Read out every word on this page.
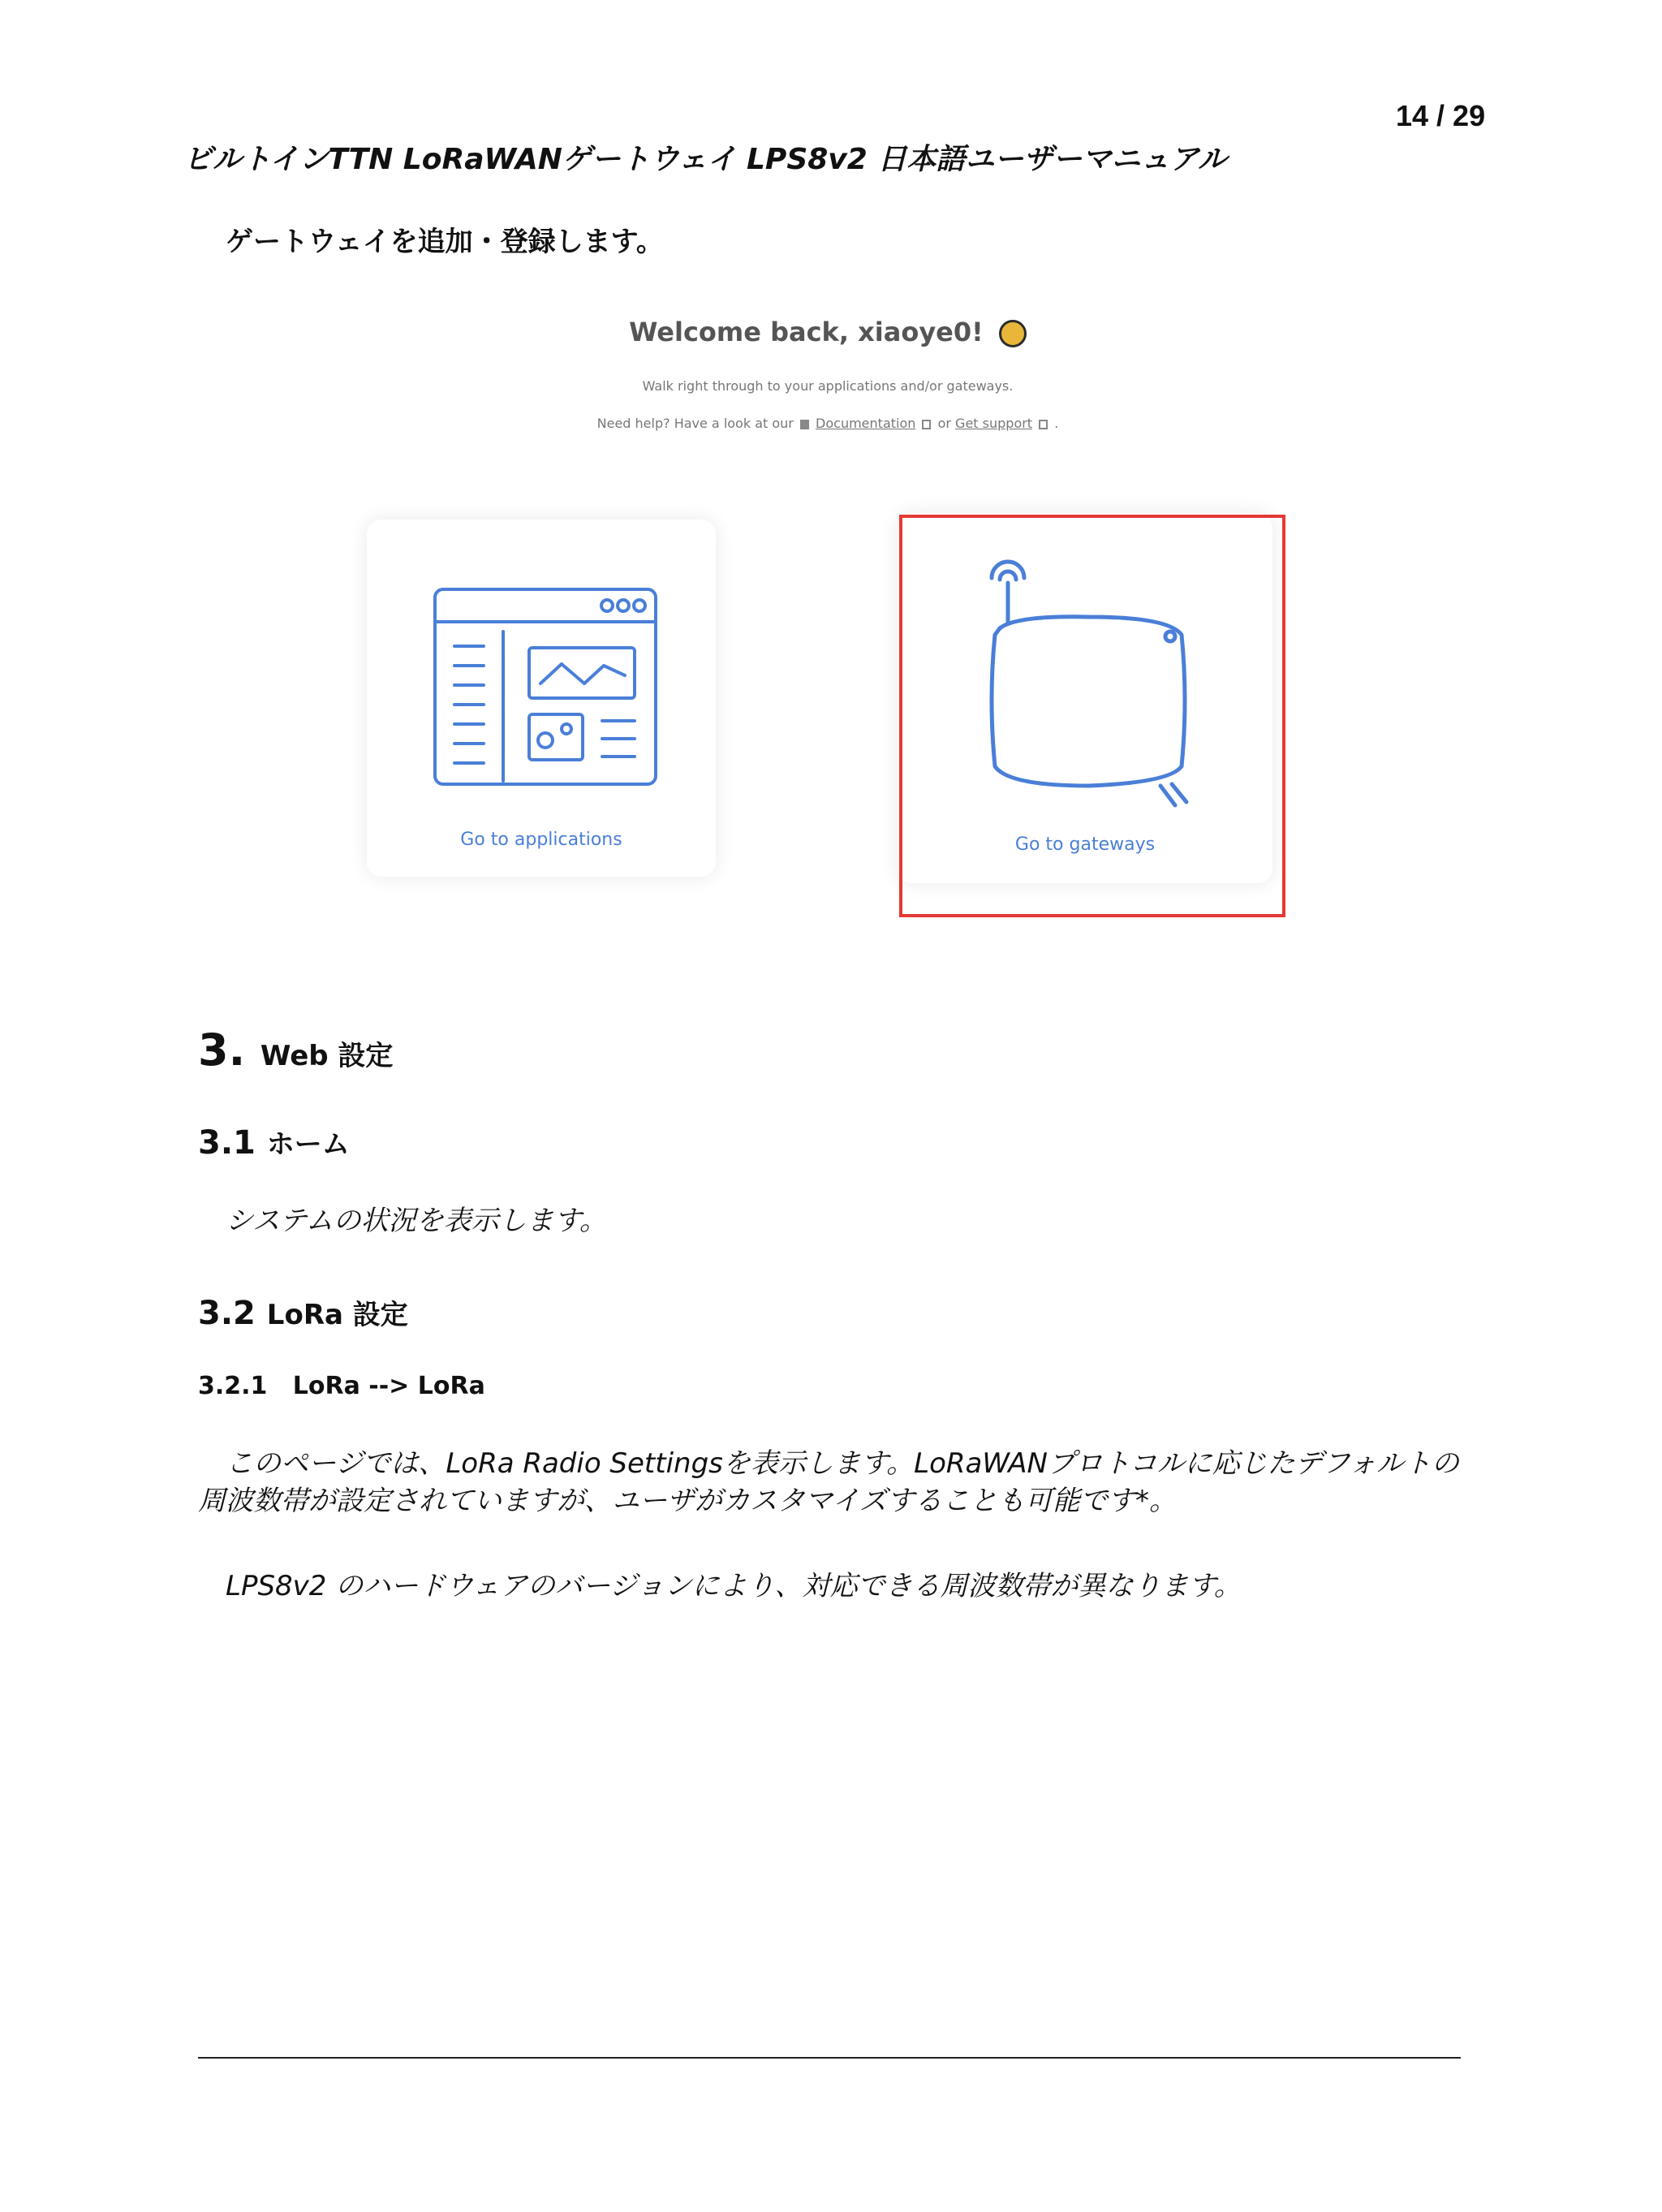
14 / 29
ビルトインTTN LoRaWANゲートウェイ LPS8v2 日本語ユーザーマニュアル
ゲートウェイを追加・登録します。
Welcome back, xiaoye0!
Walk right through to your applications and/or gateways.
Need help? Have a look at our Documentation or Get support .
Go to applications	Go to gateways
3. Web 設定
3.1 ホーム
システムの状況を表示します。
3.2 LoRa 設定
3.2.1   LoRa --> LoRa
このページでは、LoRa Radio Settingsを表示します。LoRaWANプロトコルに応じたデフォルトの周波数帯が設定されていますが、ユーザがカスタマイズすることも可能です*。
LPS8v2 のハードウェアのバージョンにより、対応できる周波数帯が異なります。
